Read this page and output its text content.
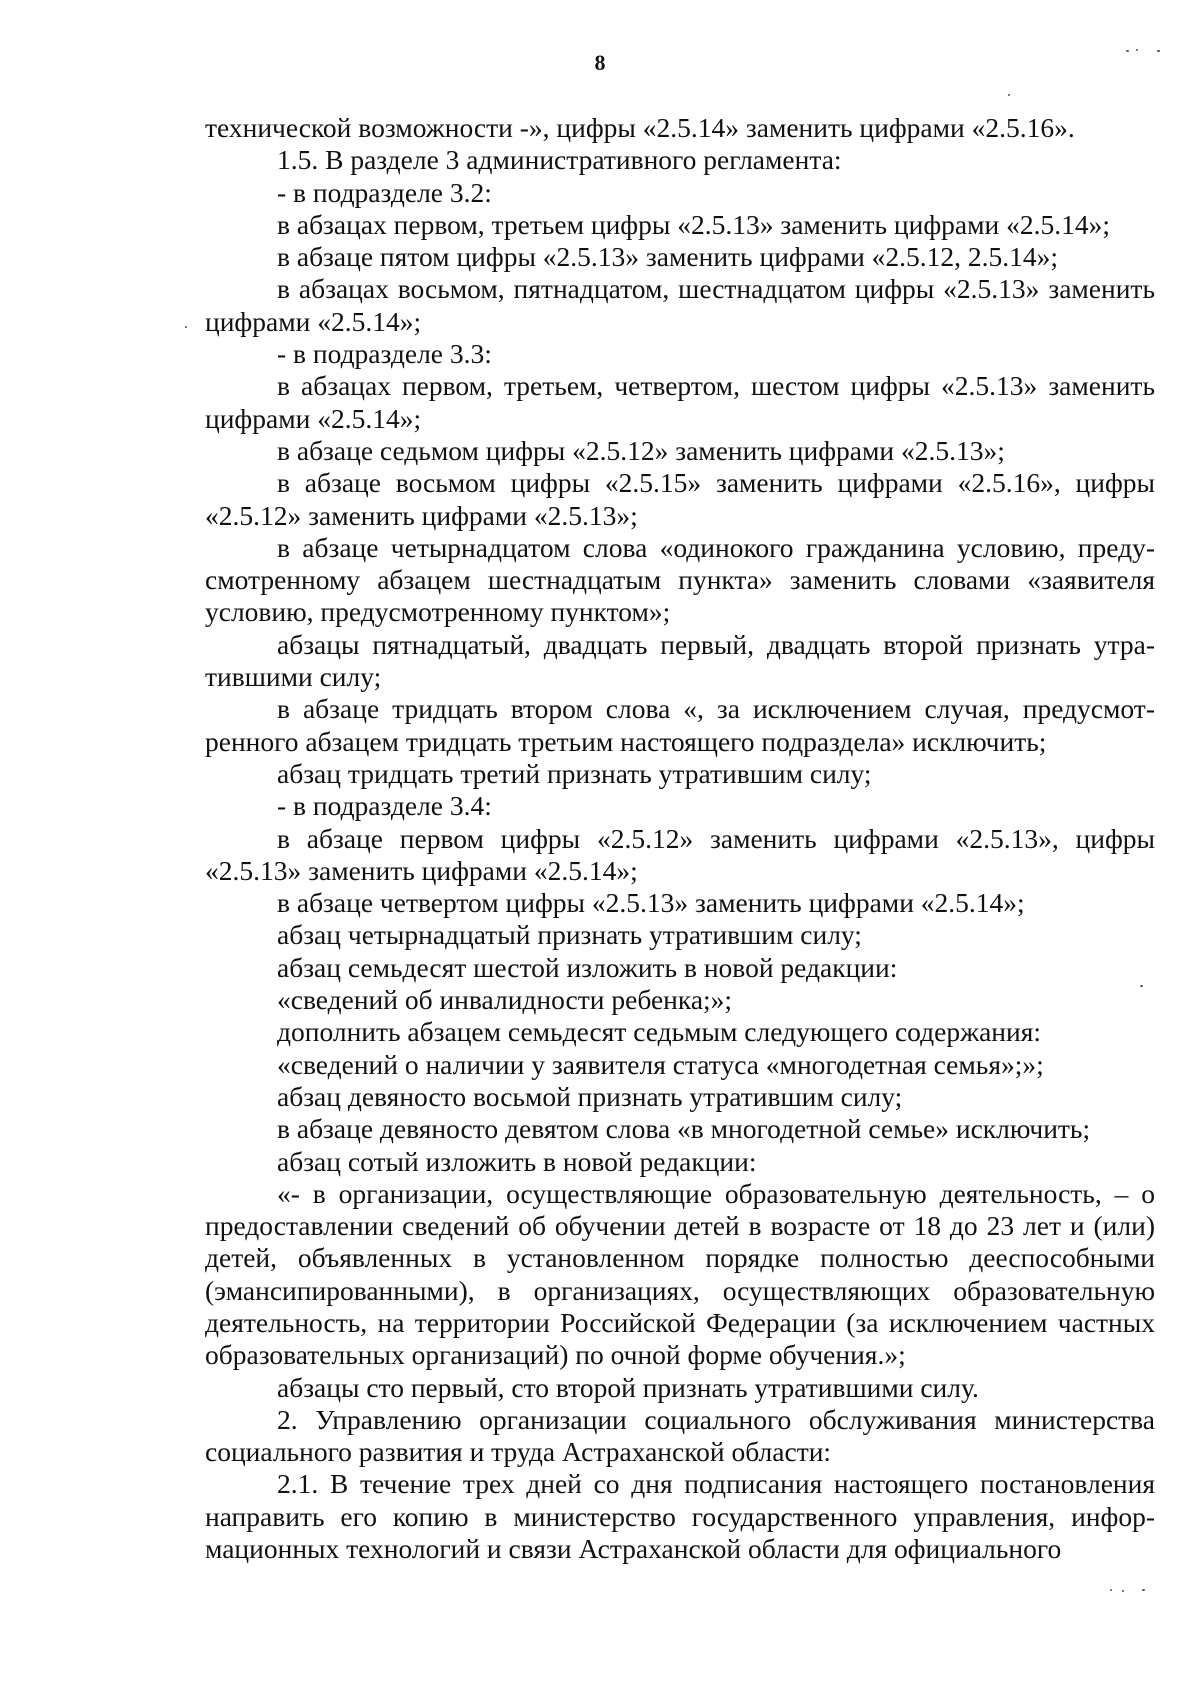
8

технической возможности -», цифры «2.5.14» заменить цифрами «2.5.16».

1.5. В разделе 3 административного регламента:

- в подразделе 3.2:

в абзацах первом, третьем цифры «2.5.13» заменить цифрами «2.5.14»;

в абзаце пятом цифры «2.5.13» заменить цифрами «2.5.12, 2.5.14»;

в абзацах восьмом, пятнадцатом, шестнадцатом цифры «2.5.13» заменить цифрами «2.5.14»;

- в подразделе 3.3:

в абзацах первом, третьем, четвертом, шестом цифры «2.5.13» заменить цифрами «2.5.14»;

в абзаце седьмом цифры «2.5.12» заменить цифрами «2.5.13»;

в абзаце восьмом цифры «2.5.15» заменить цифрами «2.5.16», цифры «2.5.12» заменить цифрами «2.5.13»;

в абзаце четырнадцатом слова «одинокого гражданина условию, предусмотренному абзацем шестнадцатым пункта» заменить словами «заявителя условию, предусмотренному пунктом»;

абзацы пятнадцатый, двадцать первый, двадцать второй признать утратившими силу;

в абзаце тридцать втором слова «, за исключением случая, предусмотренного абзацем тридцать третьим настоящего подраздела» исключить;

абзац тридцать третий признать утратившим силу;

- в подразделе 3.4:

в абзаце первом цифры «2.5.12» заменить цифрами «2.5.13», цифры «2.5.13» заменить цифрами «2.5.14»;

в абзаце четвертом цифры «2.5.13» заменить цифрами «2.5.14»;

абзац четырнадцатый признать утратившим силу;

абзац семьдесят шестой изложить в новой редакции:

«сведений об инвалидности ребенка;»;

дополнить абзацем семьдесят седьмым следующего содержания:

«сведений о наличии у заявителя статуса «многодетная семья»;»;

абзац девяносто восьмой признать утратившим силу;

в абзаце девяносто девятом слова «в многодетной семье» исключить;

абзац сотый изложить в новой редакции:

«- в организации, осуществляющие образовательную деятельность, – о предоставлении сведений об обучении детей в возрасте от 18 до 23 лет и (или) детей, объявленных в установленном порядке полностью дееспособными (эмансипированными), в организациях, осуществляющих образовательную деятельность, на территории Российской Федерации (за исключением частных образовательных организаций) по очной форме обучения.»;

абзацы сто первый, сто второй признать утратившими силу.

2. Управлению организации социального обслуживания министерства социального развития и труда Астраханской области:

2.1. В течение трех дней со дня подписания настоящего постановления направить его копию в министерство государственного управления, информационных технологий и связи Астраханской области для официального
